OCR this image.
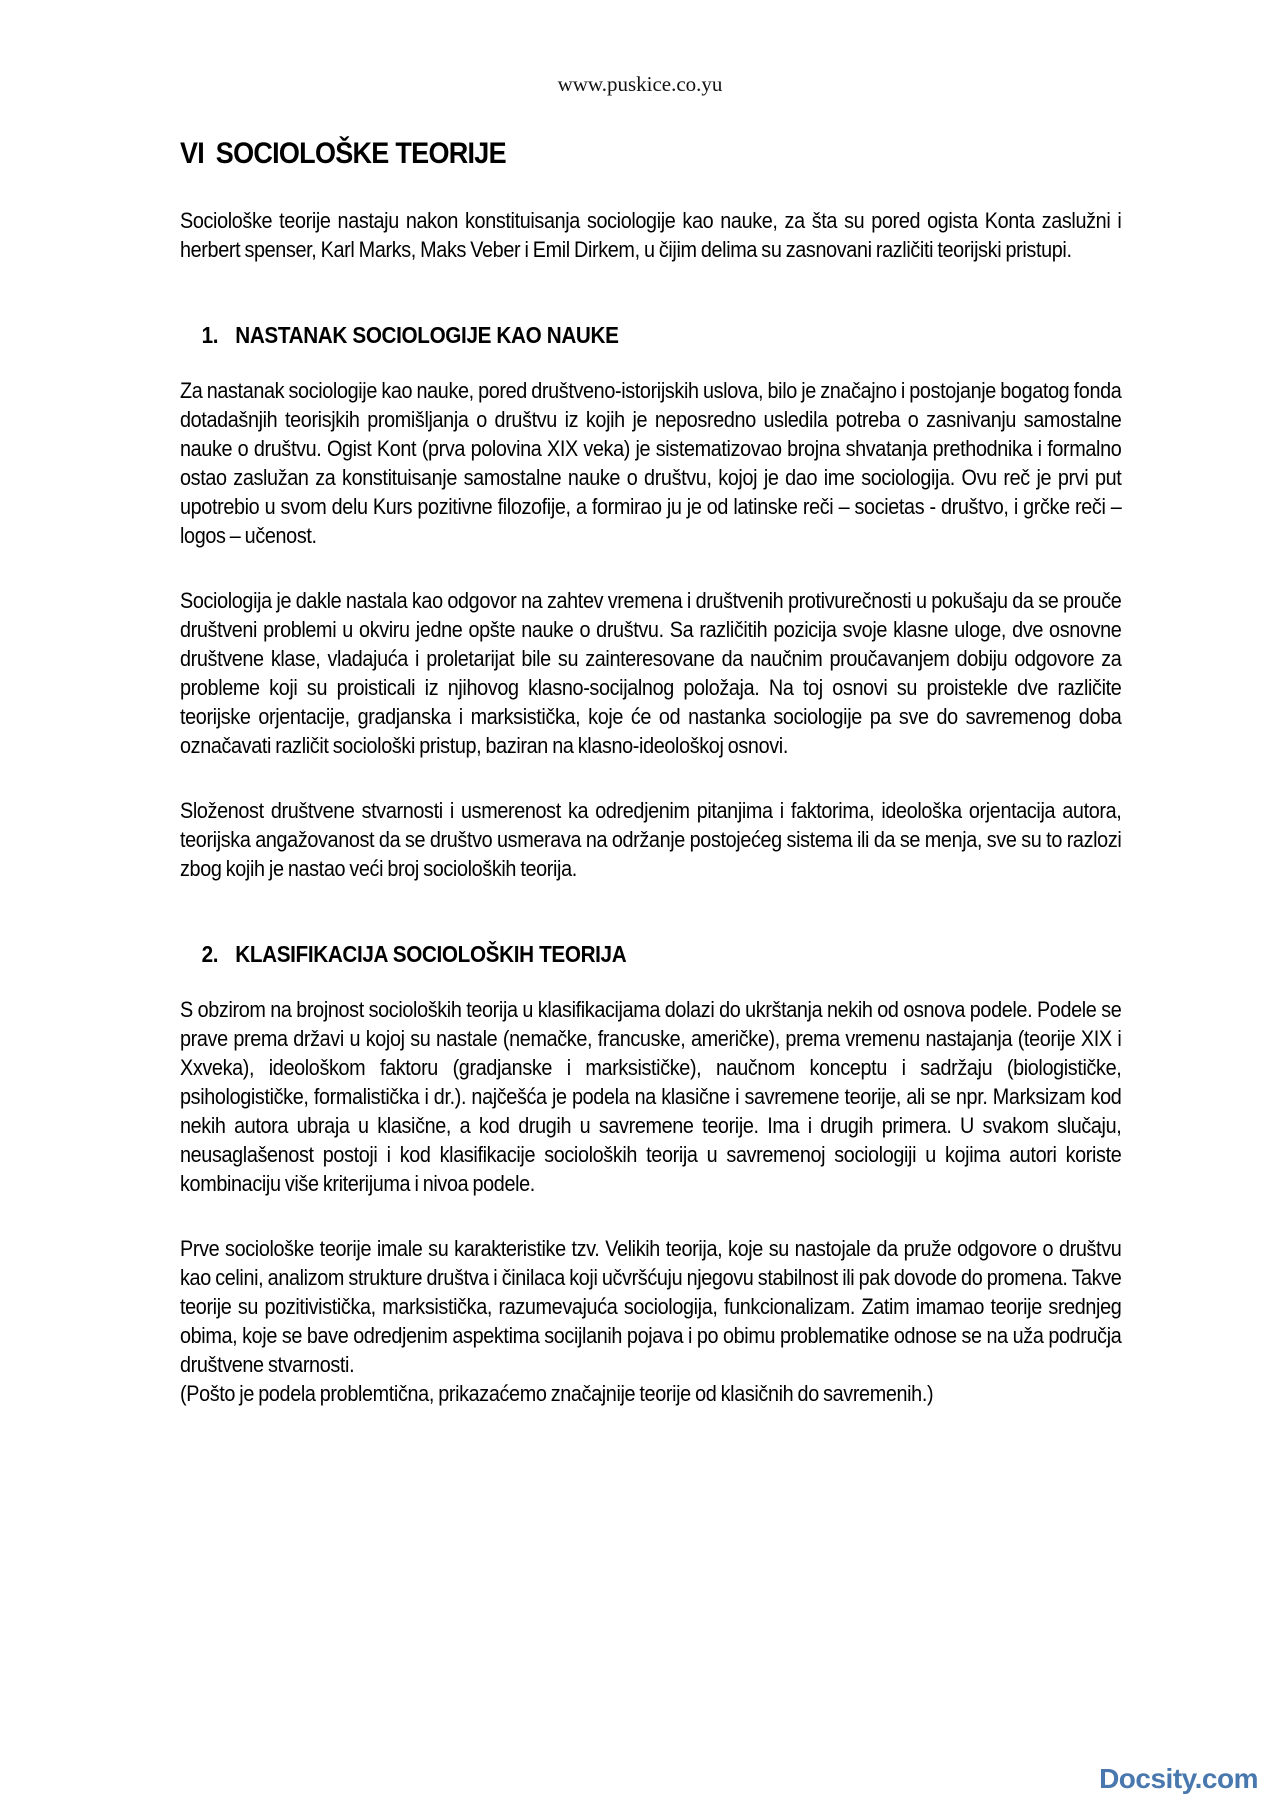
www.puskice.co.yu
VI SOCIOLOŠKE TEORIJE

Sociološke teorije nastaju nakon konstituisanja sociologije kao nauke, za šta su pored ogista Konta zaslužni i herbert spenser, Karl Marks, Maks Veber i Emil Dirkem, u čijim delima su zasnovani različiti teorijski pristupi.

1. NASTANAK SOCIOLOGIJE KAO NAUKE

Za nastanak sociologije kao nauke, pored društveno-istorijskih uslova, bilo je značajno i postojanje bogatog fonda dotadašnjih teorisjkih promišljanja o društvu iz kojih je neposredno usledila potreba o zasnivanju samostalne nauke o društvu. Ogist Kont (prva polovina XIX veka) je sistematizovao brojna shvatanja prethodnika i formalno ostao zaslužan za konstituisanje samostalne nauke o društvu, kojoj je dao ime sociologija. Ovu reč je prvi put upotrebio u svom delu Kurs pozitivne filozofije, a formirao ju je od latinske reči – societas - društvo, i grčke reči – logos – učenost.

Sociologija je dakle nastala kao odgovor na zahtev vremena i društvenih protivurečnosti u pokušaju da se prouče društveni problemi u okviru jedne opšte nauke o društvu. Sa različitih pozicija svoje klasne uloge, dve osnovne društvene klase, vladajuća i proletarijat bile su zainteresovane da naučnim proučavanjem dobiju odgovore za probleme koji su proisticali iz njihovog klasno-socijalnog položaja. Na toj osnovi su proistekle dve različite teorijske orjentacije, gradjanska i marksistička, koje će od nastanka sociologije pa sve do savremenog doba označavati različit sociološki pristup, baziran na klasno-ideološkoj osnovi.

Složenost društvene stvarnosti i usmerenost ka odredjenim pitanjima i faktorima, ideološka orjentacija autora, teorijska angažovanost da se društvo usmerava na održanje postojećeg sistema ili da se menja, sve su to razlozi zbog kojih je nastao veći broj socioloških teorija.

2. KLASIFIKACIJA SOCIOLOŠKIH TEORIJA

S obzirom na brojnost socioloških teorija u klasifikacijama dolazi do ukrštanja nekih od osnova podele. Podele se prave prema državi u kojoj su nastale (nemačke, francuske, američke), prema vremenu nastajanja (teorije XIX i Xxveka), ideološkom faktoru (gradjanske i marksističke), naučnom konceptu i sadržaju (biologističke, psihologističke, formalistička i dr.). najčešća je podela na klasične i savremene teorije, ali se npr. Marksizam kod nekih autora ubraja u klasične, a kod drugih u savremene teorije. Ima i drugih primera. U svakom slučaju, neusaglašenost postoji i kod klasifikacije socioloških teorija u savremenoj sociologiji u kojima autori koriste kombinaciju više kriterijuma i nivoa podele.

Prve sociološke teorije imale su karakteristike tzv. Velikih teorija, koje su nastojale da pruže odgovore o društvu kao celini, analizom strukture društva i činilaca koji učvršćuju njegovu stabilnost ili pak dovode do promena. Takve teorije su pozitivistička, marksistička, razumevajuća sociologija, funkcionalizam. Zatim imamao teorije srednjeg obima, koje se bave odredjenim aspektima socijlanih pojava i po obimu problematike odnose se na uža područja društvene stvarnosti.

(Pošto je podela problemtična, prikazaćemo značajnije teorije od klasičnih do savremenih.)

Docsity.com
